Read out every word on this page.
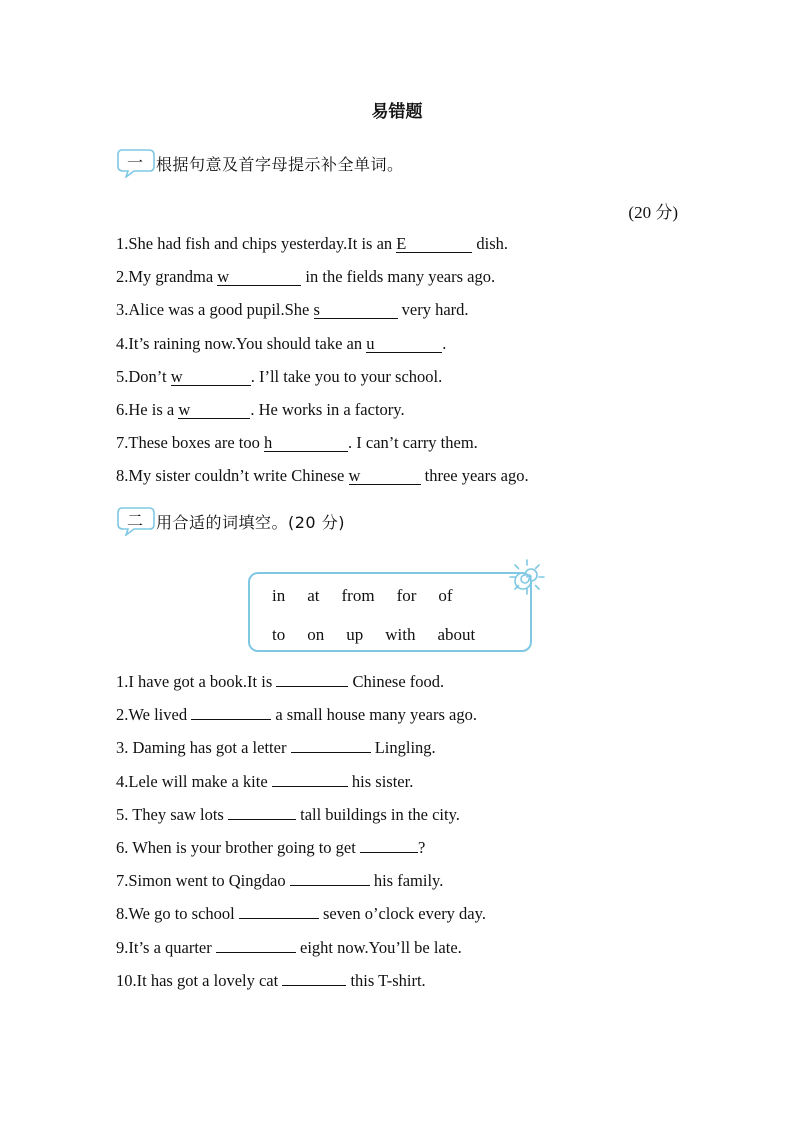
易错题
一 根据句意及首字母提示补全单词。
(20 分)
1.She had fish and chips yesterday.It is an E	dish.
2.My grandma w	in the fields many years ago.
3.Alice was a good pupil.She s	very hard.
4.It’s raining now.You should take an u	.
5.Don’t w	. I’ll take you to your school.
6.He is a w	. He works in a factory.
7.These boxes are too h	. I can’t carry them.
8.My sister couldn’t write Chinese w	three years ago.
二 用合适的词填空。(20 分)
in at from for of
to on up with about
1.I have got a book.It is	Chinese food.
2.We lived	a small house many years ago.
3. Daming has got a letter	Lingling.
4.Lele will make a kite	his sister.
5. They saw lots	tall buildings in the city.
6. When is your brother going to get	?
7.Simon went to Qingdao	his family.
8.We go to school	seven o’clock every day.
9.It’s a quarter	eight now.You’ll be late.
10.It has got a lovely cat	this T-shirt.
